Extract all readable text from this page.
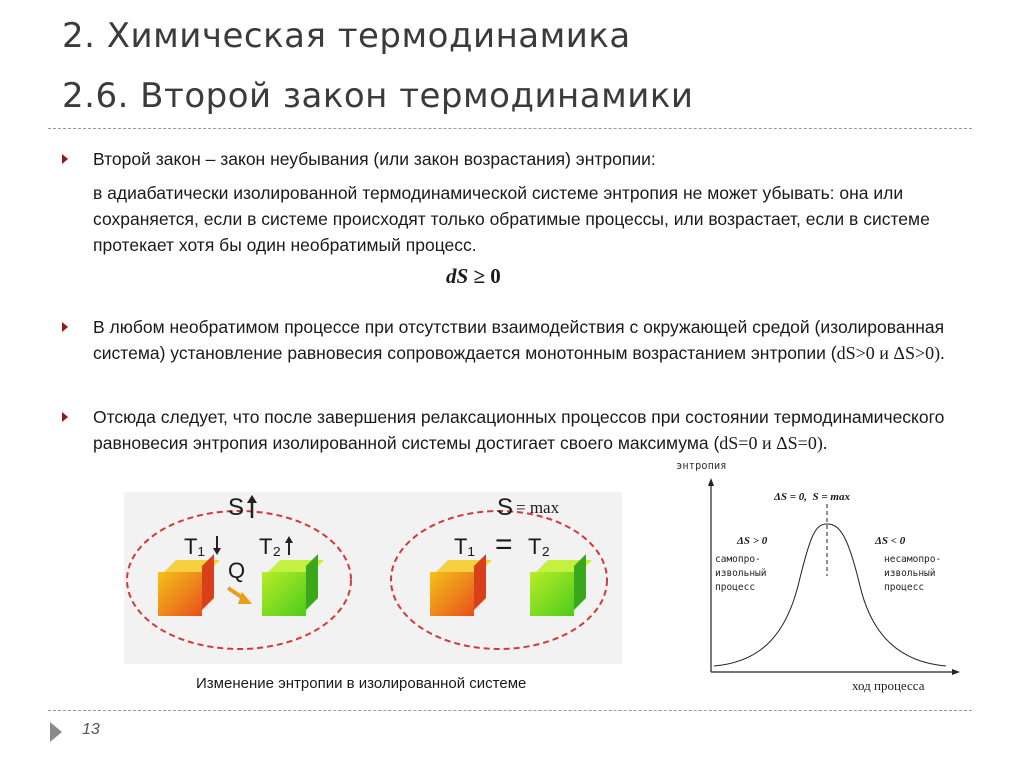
2. Химическая термодинамика
2.6. Второй закон термодинамики
Второй закон – закон неубывания (или закон возрастания) энтропии:
в адиабатически изолированной термодинамической системе энтропия не может убывать: она или сохраняется, если в системе происходят только обратимые процессы, или возрастает, если в системе протекает хотя бы один необратимый процесс.
dS ≥ 0
В любом необратимом процессе при отсутствии взаимодействия с окружающей средой (изолированная система) установление равновесия сопровождается монотонным возрастанием энтропии (dS>0 и ΔS>0).
Отсюда следует, что после завершения релаксационных процессов при состоянии термодинамического равновесия энтропия изолированной системы достигает своего максимума (dS=0 и ΔS=0).
S
T₁ T₂
Q
S = max
T₁ = T₂
Изменение энтропии в изолированной системе
энтропия
ΔS = 0,  S = max
ΔS > 0	ΔS < 0
самопро-
извольный
процесс
несамопро-
извольный
процесс
ход процесса
13
